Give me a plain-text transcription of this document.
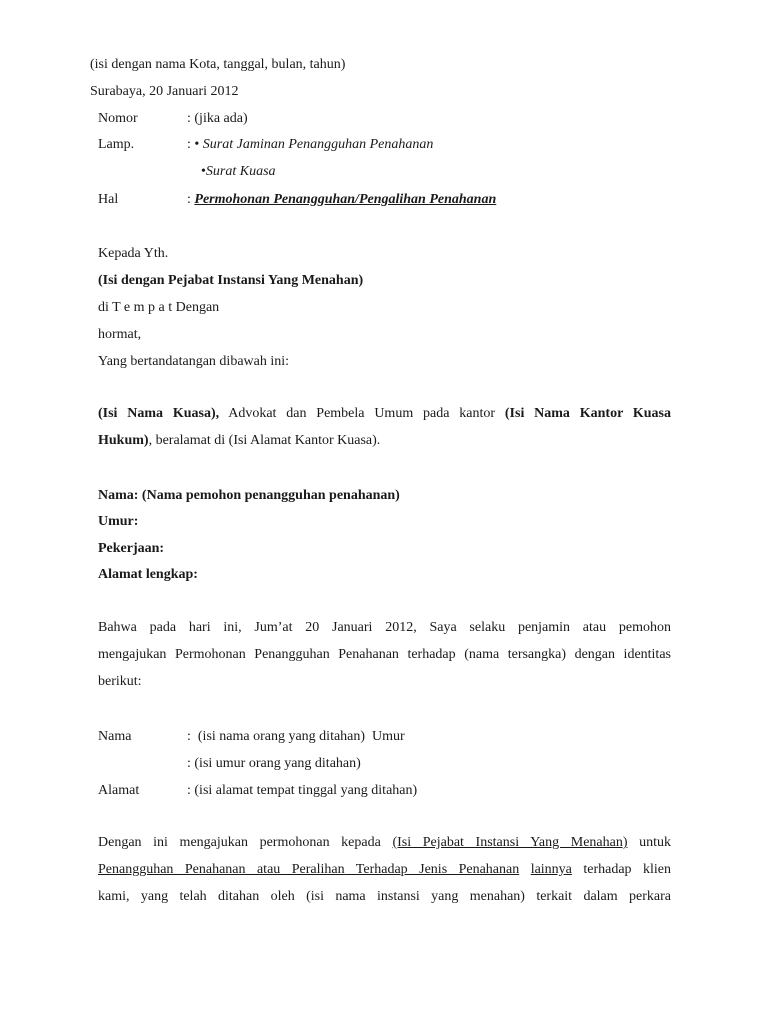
(isi dengan nama Kota, tanggal, bulan, tahun)
Surabaya, 20 Januari 2012
Nomor	: (jika ada)
Lamp.	: • Surat Jaminan Penangguhan Penahanan
•Surat Kuasa
Hal	: Permohonan Penangguhan/Pengalihan Penahanan
Kepada Yth.
(Isi dengan Pejabat Instansi Yang Menahan)
di T e m p a t Dengan
hormat,
Yang bertandatangan dibawah ini:
(Isi Nama Kuasa), Advokat dan Pembela Umum pada kantor (Isi Nama Kantor Kuasa
Hukum), beralamat di (Isi Alamat Kantor Kuasa).
Nama: (Nama pemohon penangguhan penahanan)
Umur:
Pekerjaan:
Alamat lengkap:
Bahwa pada hari ini, Jum’at 20 Januari 2012, Saya selaku penjamin atau pemohon
mengajukan Permohonan Penangguhan Penahanan terhadap (nama tersangka) dengan identitas
berikut:
Nama	:  (isi nama orang yang ditahan)  Umur
: (isi umur orang yang ditahan)
Alamat	: (isi alamat tempat tinggal yang ditahan)
Dengan ini mengajukan permohonan kepada (Isi Pejabat Instansi Yang Menahan) untuk
Penangguhan Penahanan atau Peralihan Terhadap Jenis Penahanan lainnya terhadap klien
kami, yang telah ditahan oleh (isi nama instansi yang menahan) terkait dalam perkara
